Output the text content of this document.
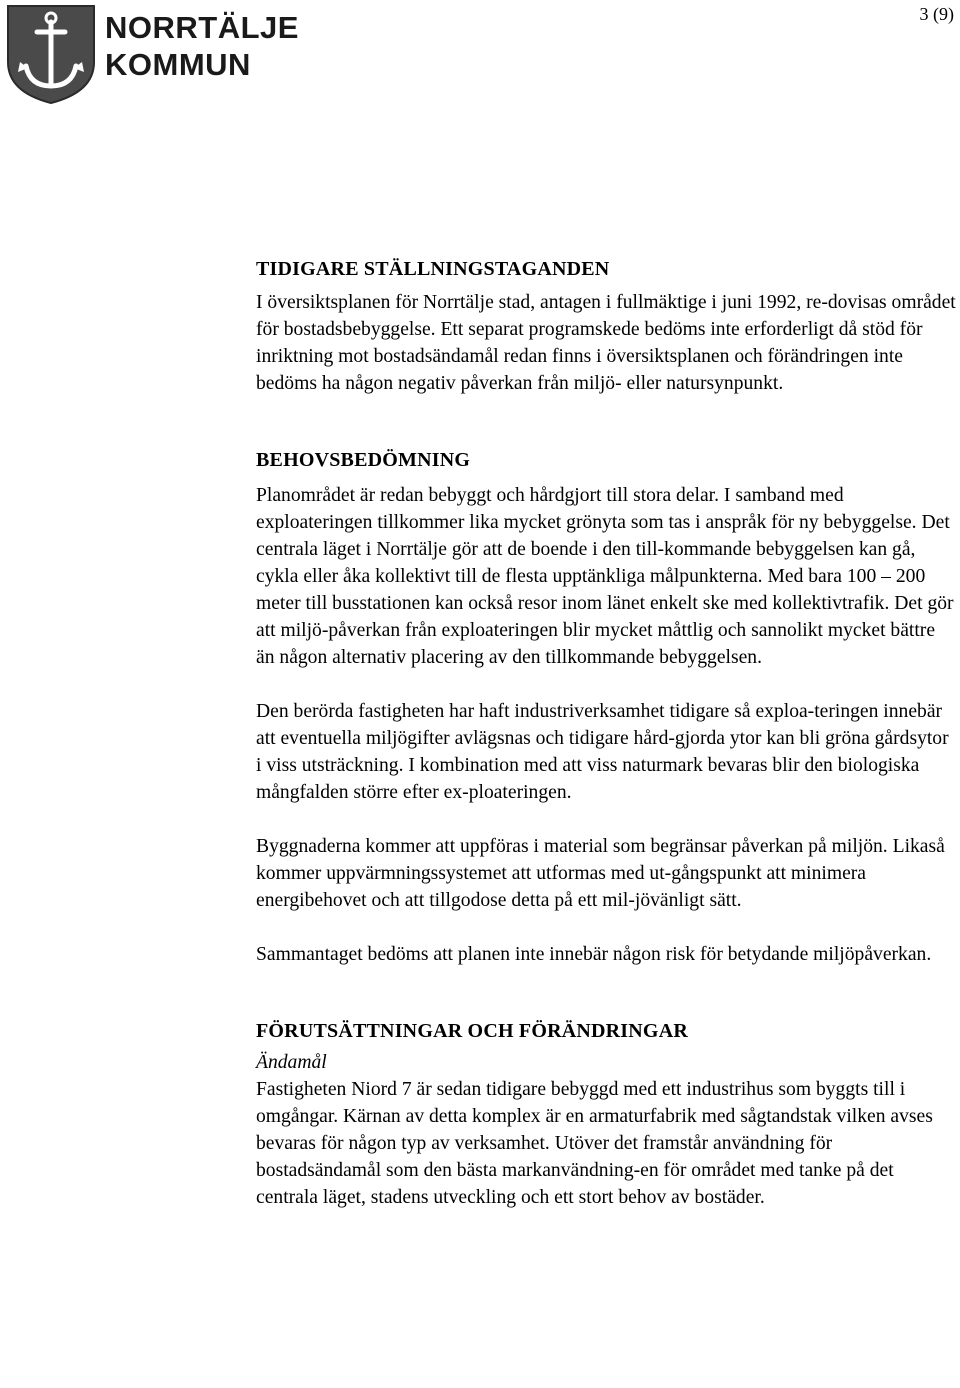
NORRTÄLJE
KOMMUN
3 (9)
TIDIGARE STÄLLNINGSTAGANDEN

I översiktsplanen för Norrtälje stad, antagen i fullmäktige i juni 1992, re-dovisas området för bostadsbebyggelse. Ett separat programskede bedöms inte erforderligt då stöd för inriktning mot bostadsändamål redan finns i översiktsplanen och förändringen inte bedöms ha någon negativ påverkan från miljö- eller natursynpunkt.

BEHOVSBEDÖMNING

Planområdet är redan bebyggt och hårdgjort till stora delar. I samband med exploateringen tillkommer lika mycket grönyta som tas i anspråk för ny bebyggelse. Det centrala läget i Norrtälje gör att de boende i den till-kommande bebyggelsen kan gå, cykla eller åka kollektivt till de flesta upptänkliga målpunkterna. Med bara 100 – 200 meter till busstationen kan också resor inom länet enkelt ske med kollektivtrafik. Det gör att miljö-påverkan från exploateringen blir mycket måttlig och sannolikt mycket bättre än någon alternativ placering av den tillkommande bebyggelsen.

Den berörda fastigheten har haft industriverksamhet tidigare så exploa-teringen innebär att eventuella miljögifter avlägsnas och tidigare hård-gjorda ytor kan bli gröna gårdsytor i viss utsträckning. I kombination med att viss naturmark bevaras blir den biologiska mångfalden större efter ex-ploateringen.

Byggnaderna kommer att uppföras i material som begränsar påverkan på miljön. Likaså kommer uppvärmningssystemet att utformas med ut-gångspunkt att minimera energibehovet och att tillgodose detta på ett mil-jövänligt sätt.

Sammantaget bedöms att planen inte innebär någon risk för betydande miljöpåverkan.

FÖRUTSÄTTNINGAR OCH FÖRÄNDRINGAR

Ändamål

Fastigheten Niord 7 är sedan tidigare bebyggd med ett industrihus som byggts till i omgångar. Kärnan av detta komplex är en armaturfabrik med sågtandstak vilken avses bevaras för någon typ av verksamhet. Utöver det framstår användning för bostadsändamål som den bästa markanvändning-en för området med tanke på det centrala läget, stadens utveckling och ett stort behov av bostäder.
